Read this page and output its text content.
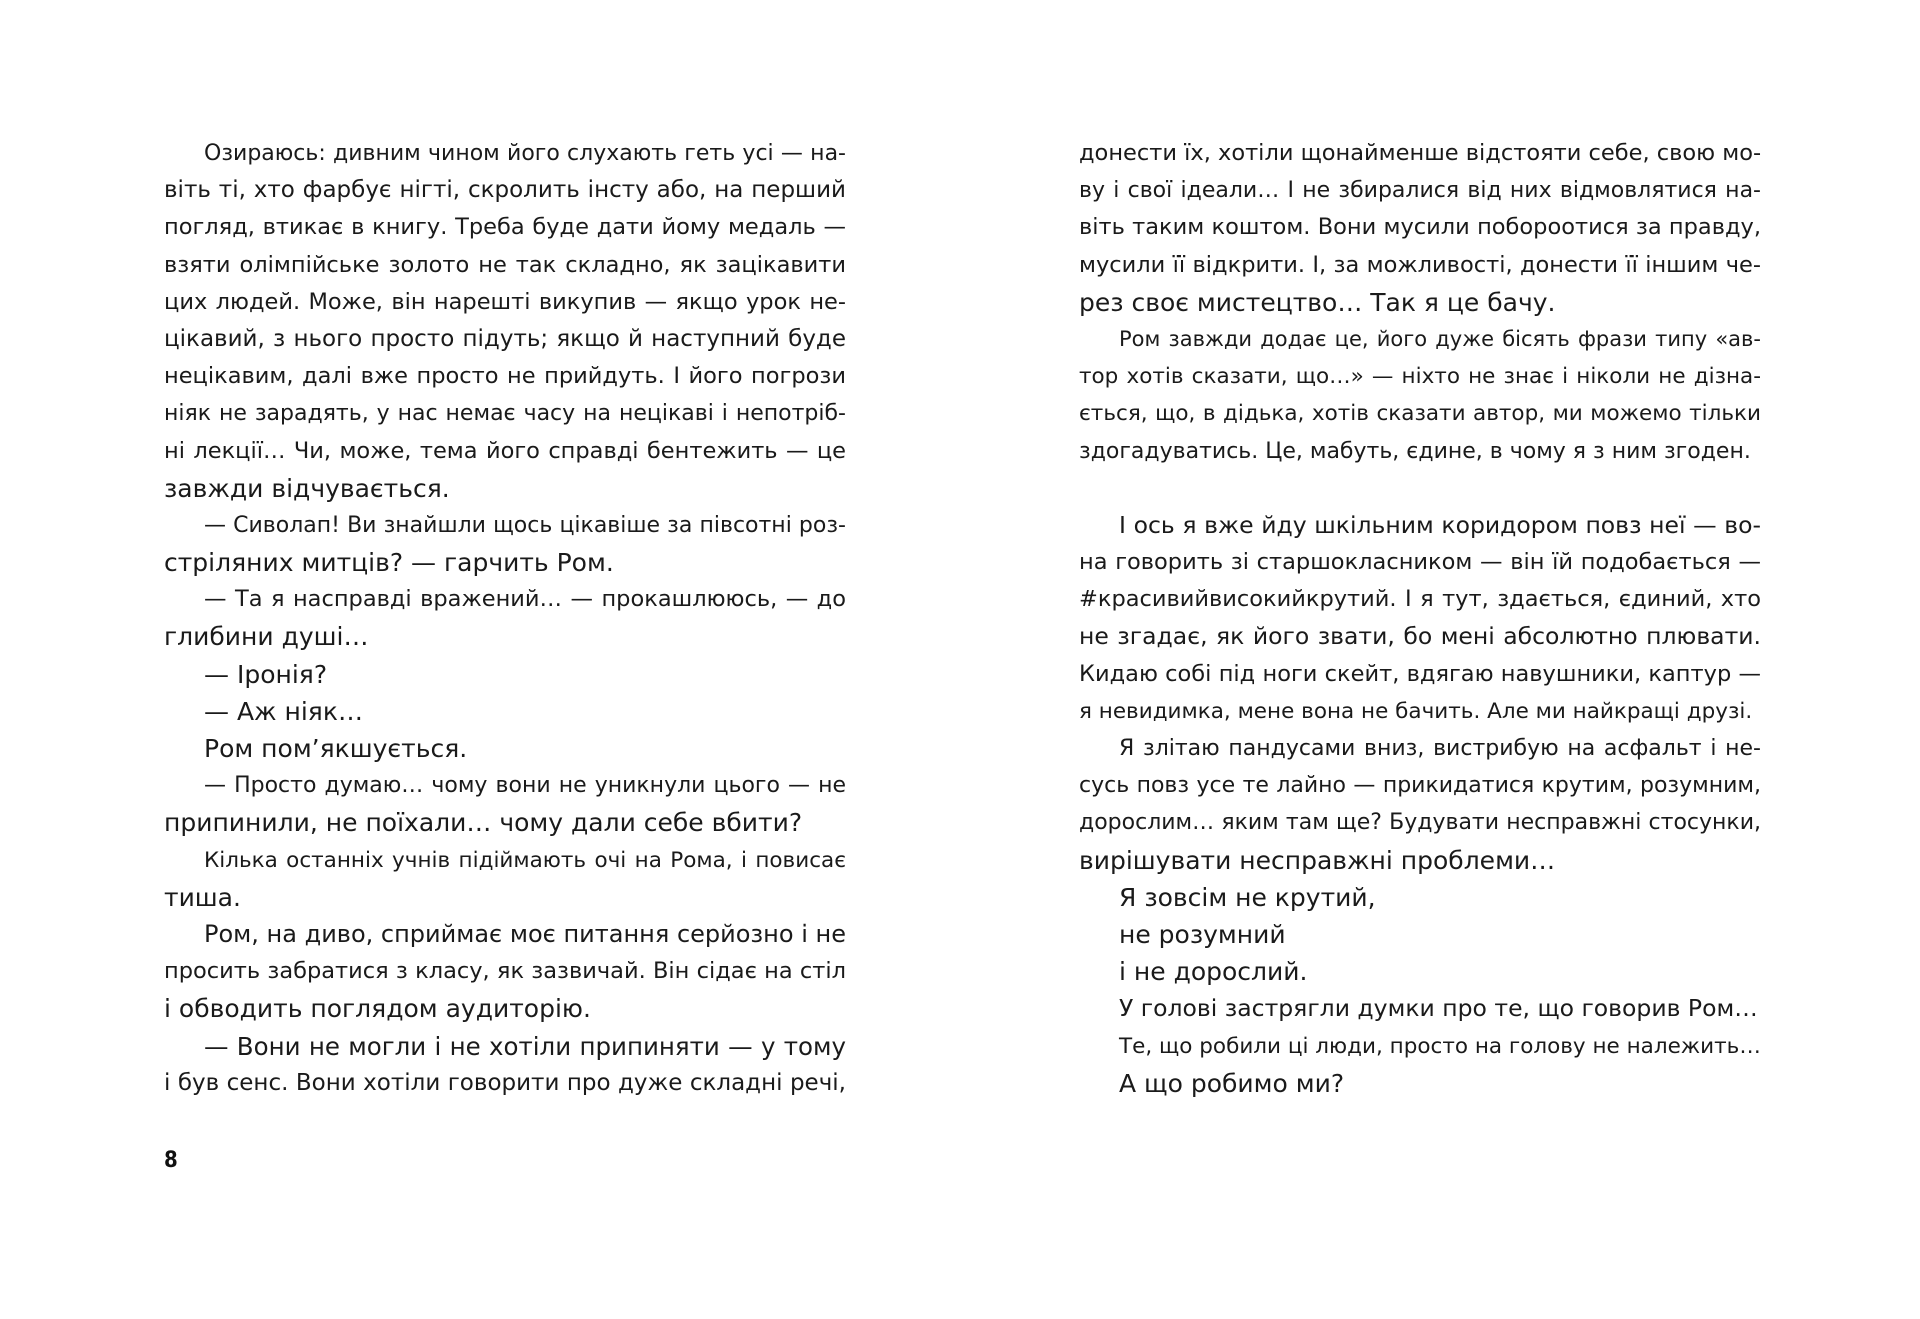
Озираюсь: дивним чином його слухають геть усі — на-
віть ті, хто фарбує нігті, скролить інсту або, на перший
погляд, втикає в книгу. Треба буде дати йому медаль —
взяти олімпійське золото не так складно, як зацікавити
цих людей. Може, він нарешті викупив — якщо урок не-
цікавий, з нього просто підуть; якщо й наступний буде
нецікавим, далі вже просто не прийдуть. І його погрози
ніяк не зарадять, у нас немає часу на нецікаві і непотріб-
ні лекції… Чи, може, тема його справді бентежить — це
завжди відчувається.
— Сиволап! Ви знайшли щось цікавіше за півсотні роз-
стріляних митців? — гарчить Ром.
— Та я насправді вражений… — прокашлююсь, — до
глибини душі…
— Іронія?
— Аж ніяк…
Ром пом’якшується.
— Просто думаю… чому вони не уникнули цього — не
припинили, не поїхали… чому дали себе вбити?
Кілька останніх учнів підіймають очі на Рома, і повисає
тиша.
Ром, на диво, сприймає моє питання серйозно і не
просить забратися з класу, як зазвичай. Він сідає на стіл
і обводить поглядом аудиторію.
— Вони не могли і не хотіли припиняти — у тому
і був сенс. Вони хотіли говорити про дуже складні речі,
8
донести їх, хотіли щонайменше відстояти себе, свою мо-
ву і свої ідеали… І не збиралися від них відмовлятися на-
віть таким коштом. Вони мусили побороотися за правду,
мусили її відкрити. І, за можливості, донести її іншим че-
рез своє мистецтво… Так я це бачу.
Ром завжди додає це, його дуже бісять фрази типу «ав-
тор хотів сказати, що…» — ніхто не знає і ніколи не дізна-
ється, що, в дідька, хотів сказати автор, ми можемо тільки
здогадуватись. Це, мабуть, єдине, в чому я з ним згоден.
І ось я вже йду шкільним коридором повз неї — во-
на говорить зі старшокласником — він їй подобається —
#красивийвисокийкрутий. І я тут, здається, єдиний, хто
не згадає, як його звати, бо мені абсолютно плювати.
Кидаю собі під ноги скейт, вдягаю навушники, каптур —
я невидимка, мене вона не бачить. Але ми найкращі друзі.
Я злітаю пандусами вниз, вистрибую на асфальт і не-
сусь повз усе те лайно — прикидатися крутим, розумним,
дорослим… яким там ще? Будувати несправжні стосунки,
вирішувати несправжні проблеми…
Я зовсім не крутий,
не розумний
і не дорослий.
У голові застрягли думки про те, що говорив Ром…
Те, що робили ці люди, просто на голову не належить…
А що робимо ми?
